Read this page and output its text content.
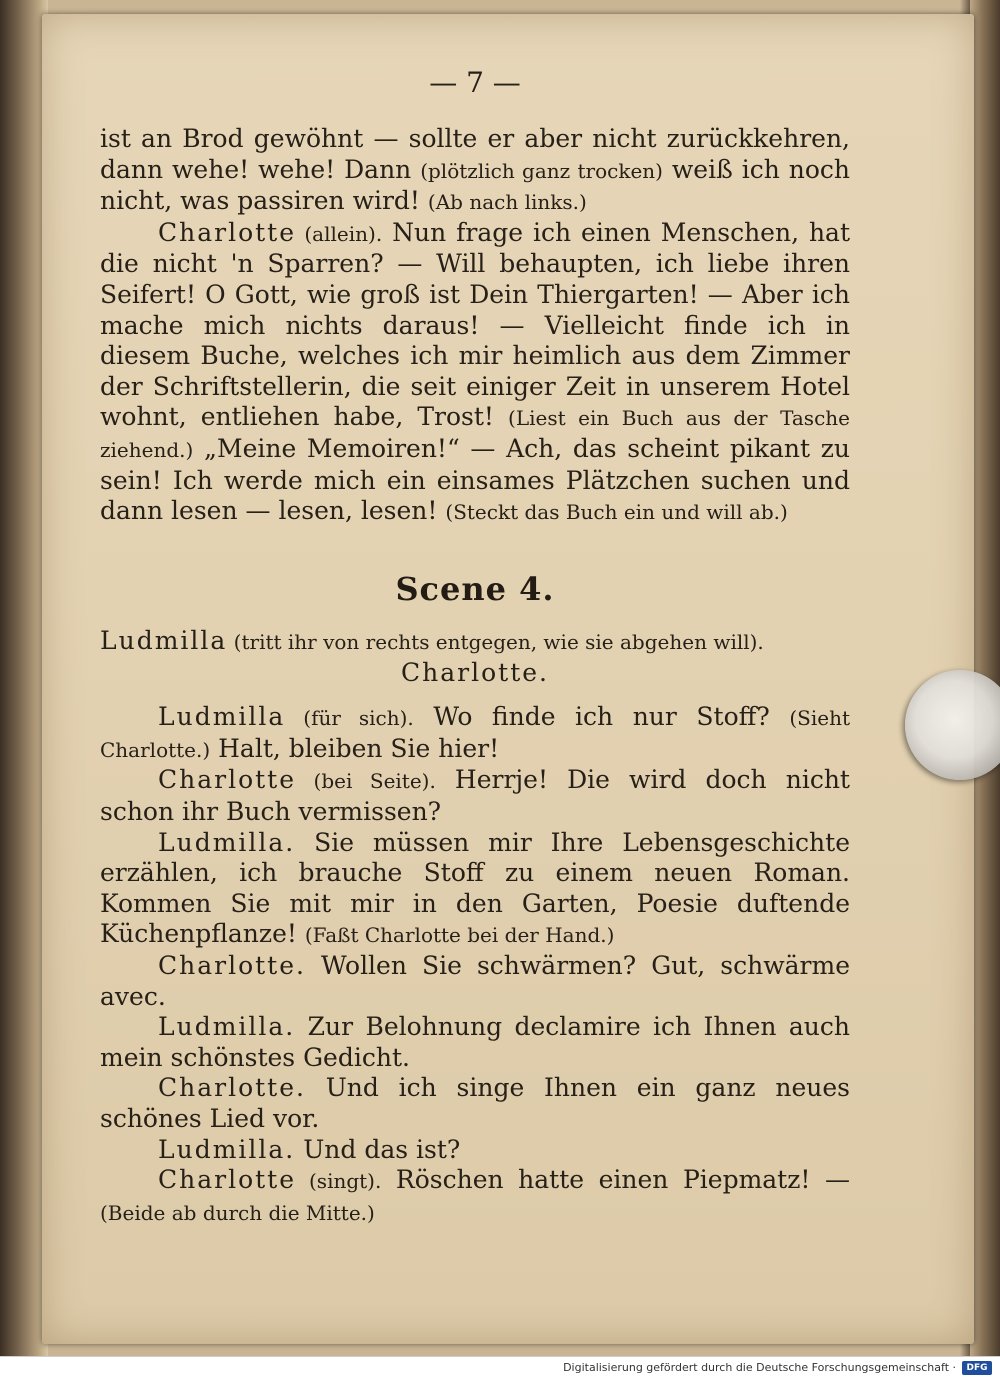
— 7 —

ist an Brod gewöhnt — sollte er aber nicht zurückkehren, dann wehe! wehe! Dann (plötzlich ganz trocken) weiß ich noch nicht, was passiren wird! (Ab nach links.)

Charlotte (allein). Nun frage ich einen Menschen, hat die nicht 'n Sparren? — Will behaupten, ich liebe ihren Seifert! O Gott, wie groß ist Dein Thiergarten! — Aber ich mache mich nichts daraus! — Vielleicht finde ich in diesem Buche, welches ich mir heimlich aus dem Zimmer der Schriftstellerin, die seit einiger Zeit in unserem Hotel wohnt, entliehen habe, Trost! (Liest ein Buch aus der Tasche ziehend.) „Meine Memoiren!“ — Ach, das scheint pikant zu sein! Ich werde mich ein einsames Plätzchen suchen und dann lesen — lesen, lesen! (Steckt das Buch ein und will ab.)

Scene 4.

Ludmilla (tritt ihr von rechts entgegen, wie sie abgehen will).

Charlotte.

Ludmilla (für sich). Wo finde ich nur Stoff? (Sieht Charlotte.) Halt, bleiben Sie hier!

Charlotte (bei Seite). Herrje! Die wird doch nicht schon ihr Buch vermissen?

Ludmilla. Sie müssen mir Ihre Lebensgeschichte erzählen, ich brauche Stoff zu einem neuen Roman. Kommen Sie mit mir in den Garten, Poesie duftende Küchenpflanze! (Faßt Charlotte bei der Hand.)

Charlotte. Wollen Sie schwärmen? Gut, schwärme avec.

Ludmilla. Zur Belohnung declamire ich Ihnen auch mein schönstes Gedicht.

Charlotte. Und ich singe Ihnen ein ganz neues schönes Lied vor.

Ludmilla. Und das ist?

Charlotte (singt). Röschen hatte einen Piepmatz! — (Beide ab durch die Mitte.)

Digitalisierung gefördert durch die Deutsche Forschungsgemeinschaft ·	DFG
